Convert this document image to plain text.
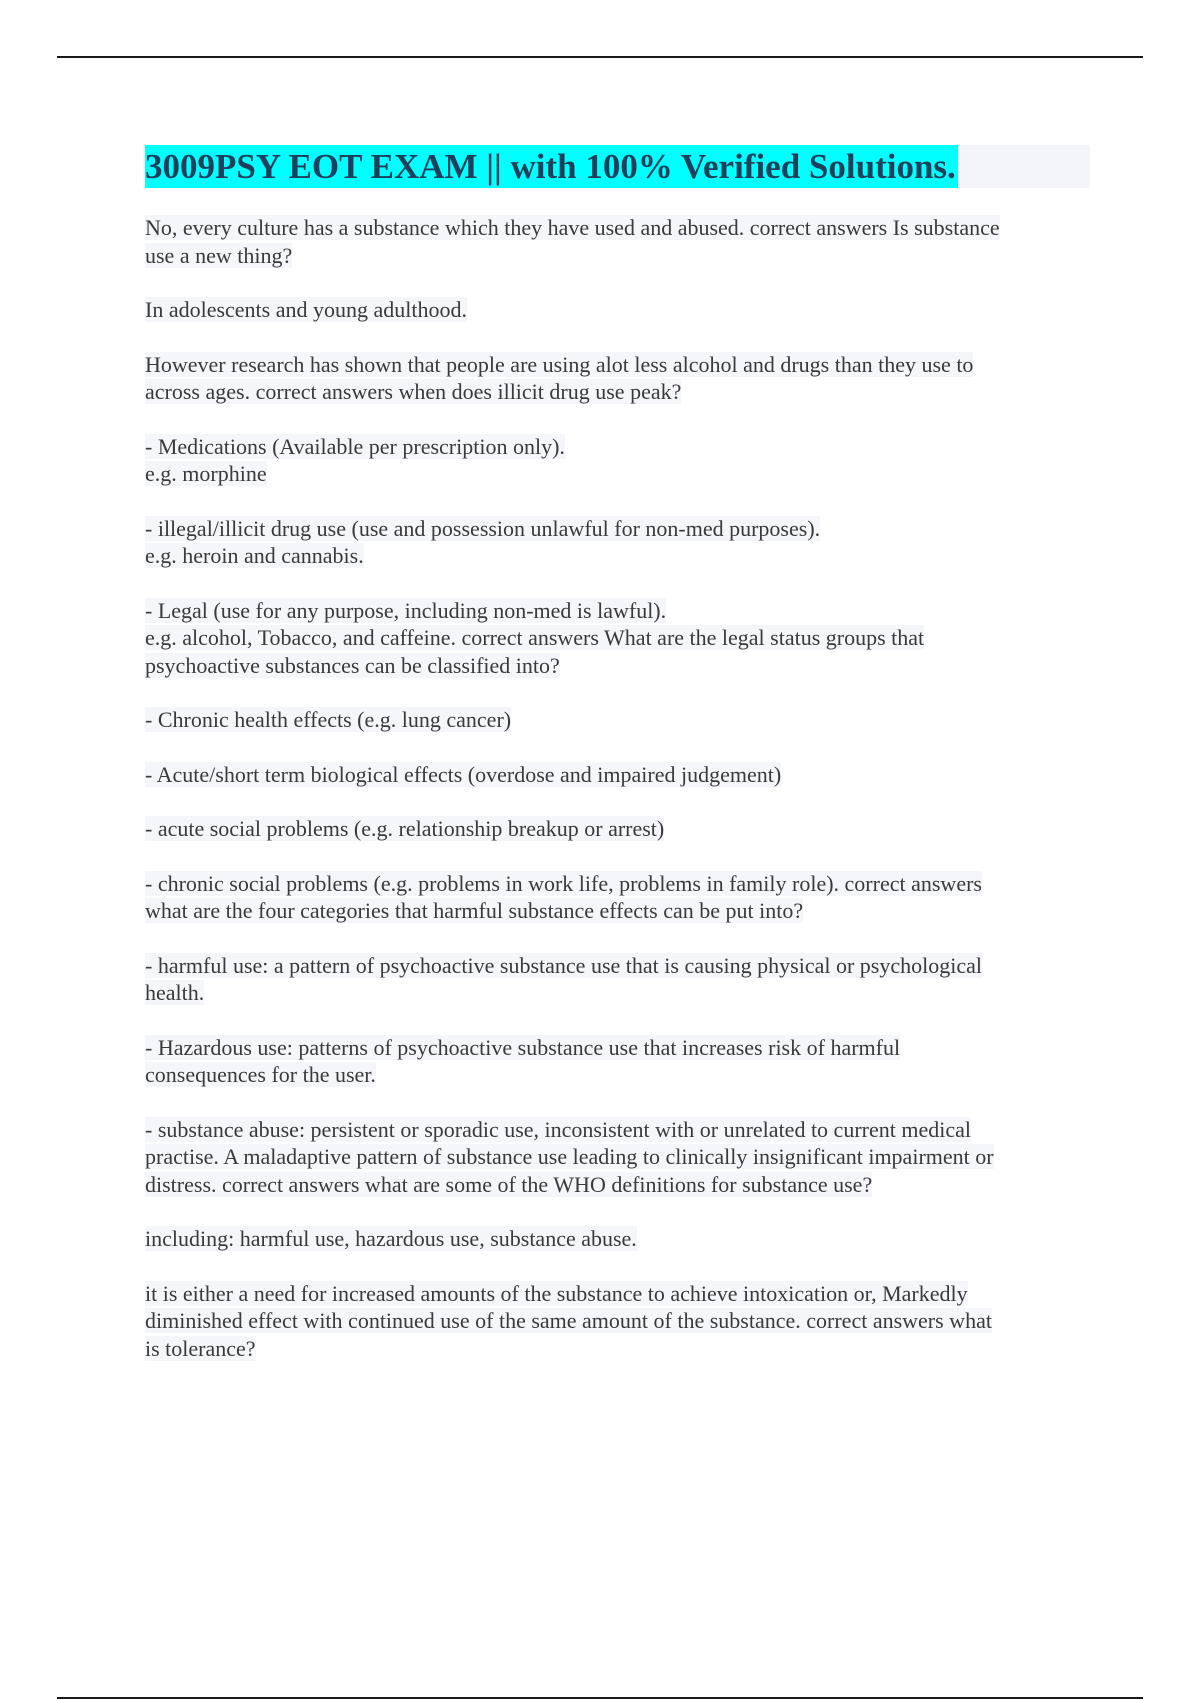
3009PSY EOT EXAM || with 100% Verified Solutions.
No, every culture has a substance which they have used and abused. correct answers Is substance
use a new thing?
In adolescents and young adulthood.
However research has shown that people are using alot less alcohol and drugs than they use to
across ages. correct answers when does illicit drug use peak?
- Medications (Available per prescription only).
e.g. morphine
- illegal/illicit drug use (use and possession unlawful for non-med purposes).
e.g. heroin and cannabis.
- Legal (use for any purpose, including non-med is lawful).
e.g. alcohol, Tobacco, and caffeine. correct answers What are the legal status groups that
psychoactive substances can be classified into?
- Chronic health effects (e.g. lung cancer)
- Acute/short term biological effects (overdose and impaired judgement)
- acute social problems (e.g. relationship breakup or arrest)
- chronic social problems (e.g. problems in work life, problems in family role). correct answers
what are the four categories that harmful substance effects can be put into?
- harmful use: a pattern of psychoactive substance use that is causing physical or psychological
health.
- Hazardous use: patterns of psychoactive substance use that increases risk of harmful
consequences for the user.
- substance abuse: persistent or sporadic use, inconsistent with or unrelated to current medical
practise. A maladaptive pattern of substance use leading to clinically insignificant impairment or
distress. correct answers what are some of the WHO definitions for substance use?
including: harmful use, hazardous use, substance abuse.
it is either a need for increased amounts of the substance to achieve intoxication or, Markedly
diminished effect with continued use of the same amount of the substance. correct answers what
is tolerance?
